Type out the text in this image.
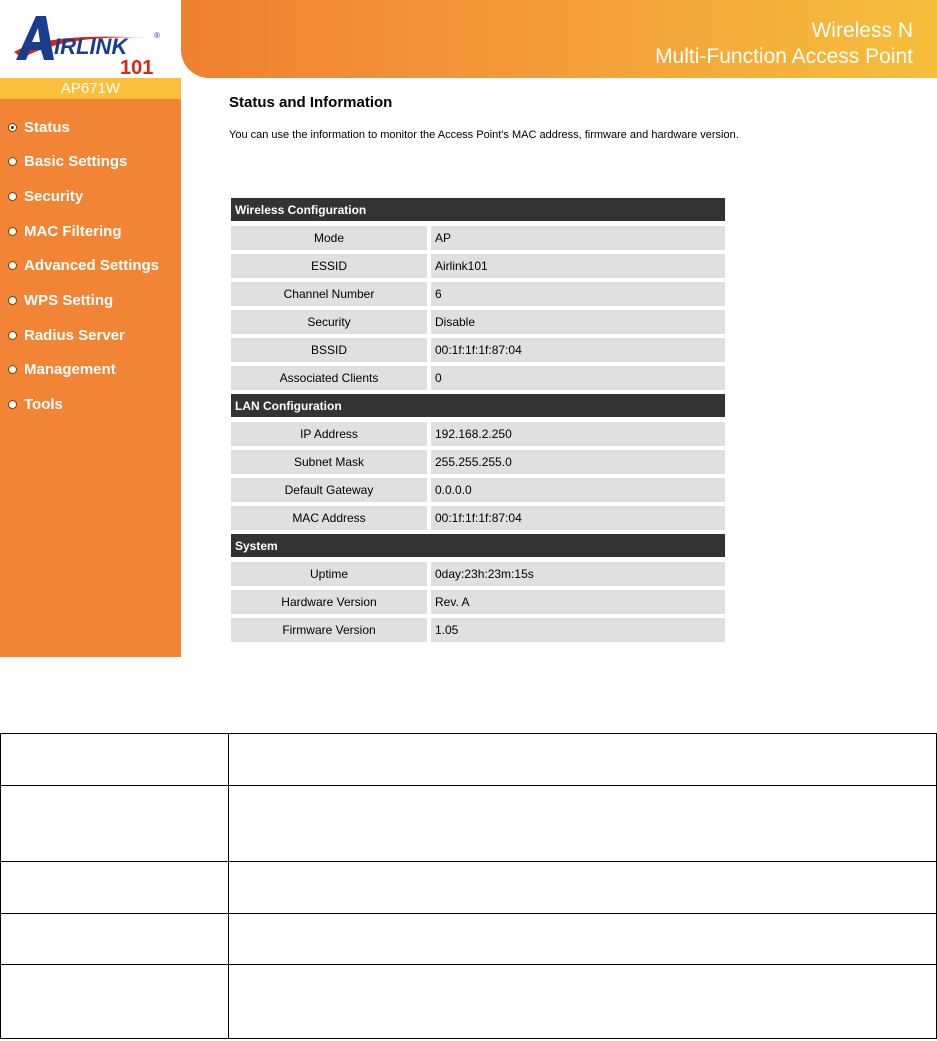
IRLINK	®
101
Wireless N
Multi-Function Access Point
AP671W
Status
Basic Settings
Security
MAC Filtering
Advanced Settings
WPS Setting
Radius Server
Management
Tools
Status and Information
You can use the information to monitor the Access Point's MAC address, firmware and hardware version.
Wireless Configuration
Mode	AP
ESSID	Airlink101
Channel Number	6
Security	Disable
BSSID	00:1f:1f:1f:87:04
Associated Clients	0
LAN Configuration
IP Address	192.168.2.250
Subnet Mask	255.255.255.0
Default Gateway	0.0.0.0
MAC Address	00:1f:1f:1f:87:04
System
Uptime	0day:23h:23m:15s
Hardware Version	Rev. A
Firmware Version	1.05
